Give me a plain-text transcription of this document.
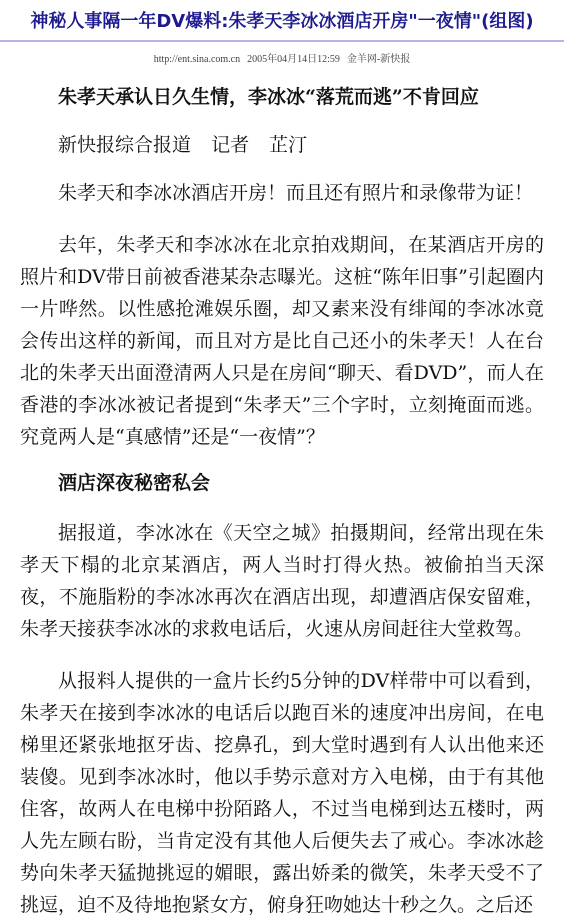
神秘人事隔一年DV爆料:朱孝天李冰冰酒店开房"一夜情"(组图)
http://ent.sina.com.cn 2005年04月14日12:59 金羊网-新快报
朱孝天承认日久生情，李冰冰“落荒而逃”不肯回应
新快报综合报道 记者 芷汀

朱孝天和李冰冰酒店开房！而且还有照片和录像带为证！

去年，朱孝天和李冰冰在北京拍戏期间，在某酒店开房的照片和DV带日前被香港某杂志曝光。这桩“陈年旧事”引起圈内一片哗然。以性感抢滩娱乐圈，却又素来没有绯闻的李冰冰竟会传出这样的新闻，而且对方是比自己还小的朱孝天！人在台北的朱孝天出面澄清两人只是在房间“聊天、看DVD”，而人在香港的李冰冰被记者提到“朱孝天”三个字时，立刻掩面而逃。究竟两人是“真感情”还是“一夜情”？

酒店深夜秘密私会

据报道，李冰冰在《天空之城》拍摄期间，经常出现在朱孝天下榻的北京某酒店，两人当时打得火热。被偷拍当天深夜，不施脂粉的李冰冰再次在酒店出现，却遭酒店保安留难，朱孝天接获李冰冰的求救电话后，火速从房间赶往大堂救驾。

从报料人提供的一盒片长约5分钟的DV样带中可以看到，朱孝天在接到李冰冰的电话后以跑百米的速度冲出房间，在电梯里还紧张地抠牙齿、挖鼻孔，到大堂时遇到有人认出他来还装傻。见到李冰冰时，他以手势示意对方入电梯，由于有其他住客，故两人在电梯中扮陌路人，不过当电梯到达五楼时，两人先左顾右盼，当肯定没有其他人后便失去了戒心。李冰冰趁势向朱孝天猛抛挑逗的媚眼，露出娇柔的微笑，朱孝天受不了挑逗，迫不及待地抱紧女方，俯身狂吻她达十秒之久。之后还
